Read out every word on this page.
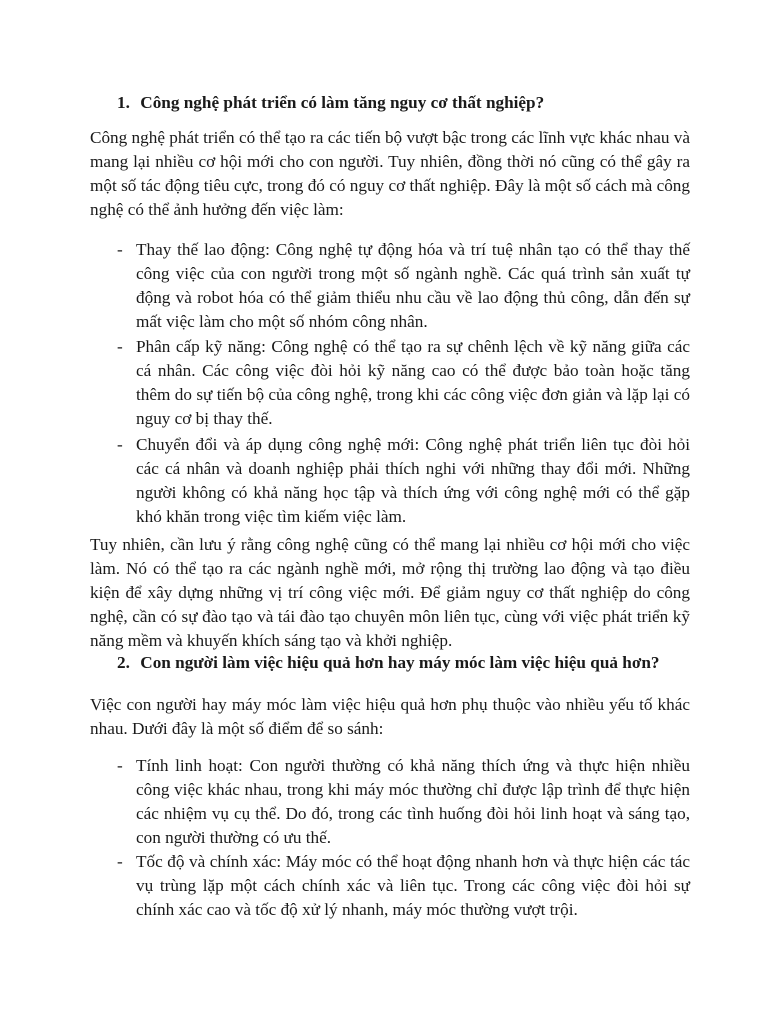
1. Công nghệ phát triển có làm tăng nguy cơ thất nghiệp?
Công nghệ phát triển có thể tạo ra các tiến bộ vượt bậc trong các lĩnh vực khác nhau và mang lại nhiều cơ hội mới cho con người. Tuy nhiên, đồng thời nó cũng có thể gây ra một số tác động tiêu cực, trong đó có nguy cơ thất nghiệp. Đây là một số cách mà công nghệ có thể ảnh hưởng đến việc làm:
- Thay thế lao động: Công nghệ tự động hóa và trí tuệ nhân tạo có thể thay thế công việc của con người trong một số ngành nghề. Các quá trình sản xuất tự động và robot hóa có thể giảm thiểu nhu cầu về lao động thủ công, dẫn đến sự mất việc làm cho một số nhóm công nhân.
- Phân cấp kỹ năng: Công nghệ có thể tạo ra sự chênh lệch về kỹ năng giữa các cá nhân. Các công việc đòi hỏi kỹ năng cao có thể được bảo toàn hoặc tăng thêm do sự tiến bộ của công nghệ, trong khi các công việc đơn giản và lặp lại có nguy cơ bị thay thế.
- Chuyển đổi và áp dụng công nghệ mới: Công nghệ phát triển liên tục đòi hỏi các cá nhân và doanh nghiệp phải thích nghi với những thay đổi mới. Những người không có khả năng học tập và thích ứng với công nghệ mới có thể gặp khó khăn trong việc tìm kiếm việc làm.
Tuy nhiên, cần lưu ý rằng công nghệ cũng có thể mang lại nhiều cơ hội mới cho việc làm. Nó có thể tạo ra các ngành nghề mới, mở rộng thị trường lao động và tạo điều kiện để xây dựng những vị trí công việc mới. Để giảm nguy cơ thất nghiệp do công nghệ, cần có sự đào tạo và tái đào tạo chuyên môn liên tục, cùng với việc phát triển kỹ năng mềm và khuyến khích sáng tạo và khởi nghiệp.
2. Con người làm việc hiệu quả hơn hay máy móc làm việc hiệu quả hơn?
Việc con người hay máy móc làm việc hiệu quả hơn phụ thuộc vào nhiều yếu tố khác nhau. Dưới đây là một số điểm để so sánh:
- Tính linh hoạt: Con người thường có khả năng thích ứng và thực hiện nhiều công việc khác nhau, trong khi máy móc thường chỉ được lập trình để thực hiện các nhiệm vụ cụ thể. Do đó, trong các tình huống đòi hỏi linh hoạt và sáng tạo, con người thường có ưu thế.
- Tốc độ và chính xác: Máy móc có thể hoạt động nhanh hơn và thực hiện các tác vụ trùng lặp một cách chính xác và liên tục. Trong các công việc đòi hỏi sự chính xác cao và tốc độ xử lý nhanh, máy móc thường vượt trội.
